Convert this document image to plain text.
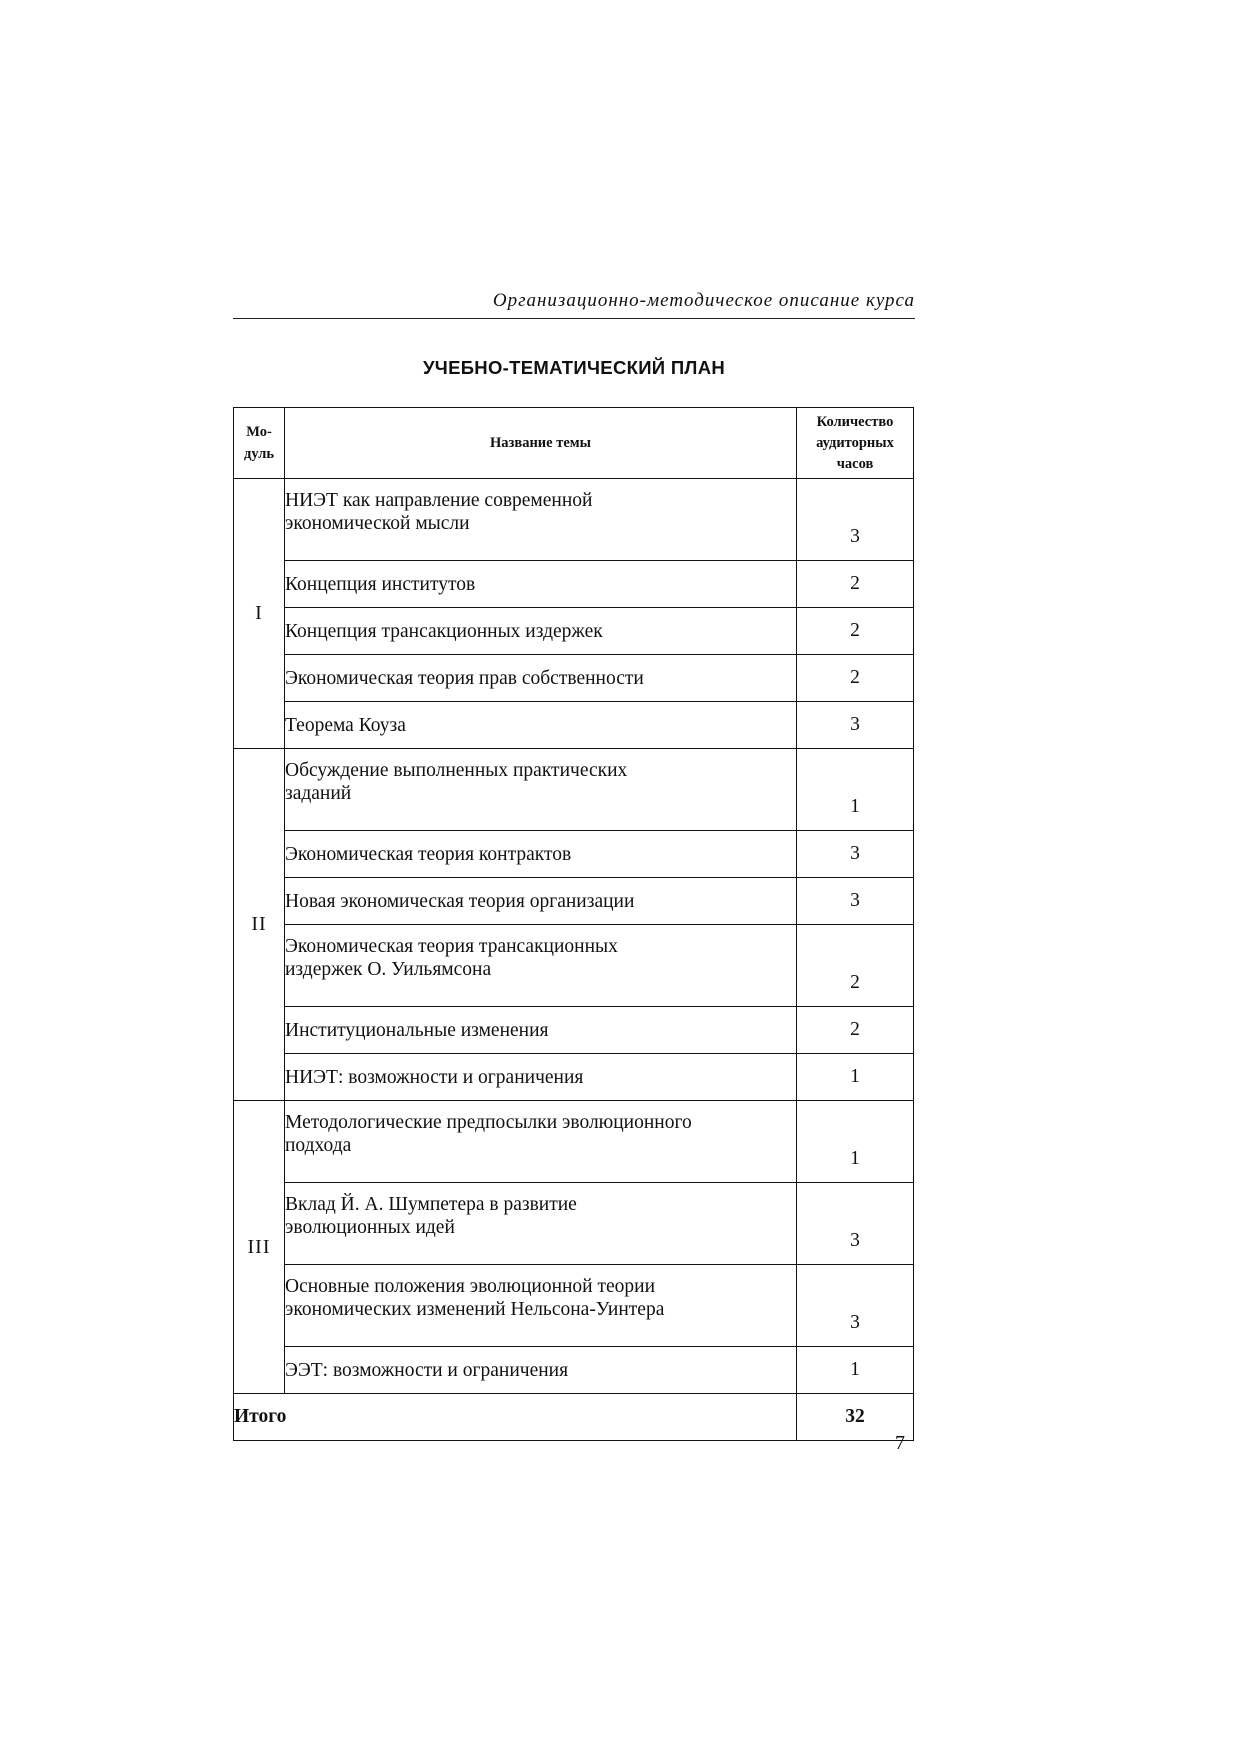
Организационно-методическое описание курса
УЧЕБНО-ТЕМАТИЧЕСКИЙ ПЛАН
Мо-
дуль	Название темы	Количество
аудиторных
часов
I	НИЭТ как направление современной
экономической мысли	3
	Концепция институтов	2
	Концепция трансакционных издержек	2
	Экономическая теория прав собственности	2
	Теорема Коуза	3
II	Обсуждение выполненных практических
заданий	1
	Экономическая теория контрактов	3
	Новая экономическая теория организации	3
	Экономическая теория трансакционных
издержек О. Уильямсона	2
	Институциональные изменения	2
	НИЭТ: возможности и ограничения	1
III	Методологические предпосылки эволюционного
подхода	1
	Вклад Й. А. Шумпетера в развитие
эволюционных идей	3
	Основные положения эволюционной теории
экономических изменений Нельсона-Уинтера	3
	ЭЭТ: возможности и ограничения	1
Итого		32
7
